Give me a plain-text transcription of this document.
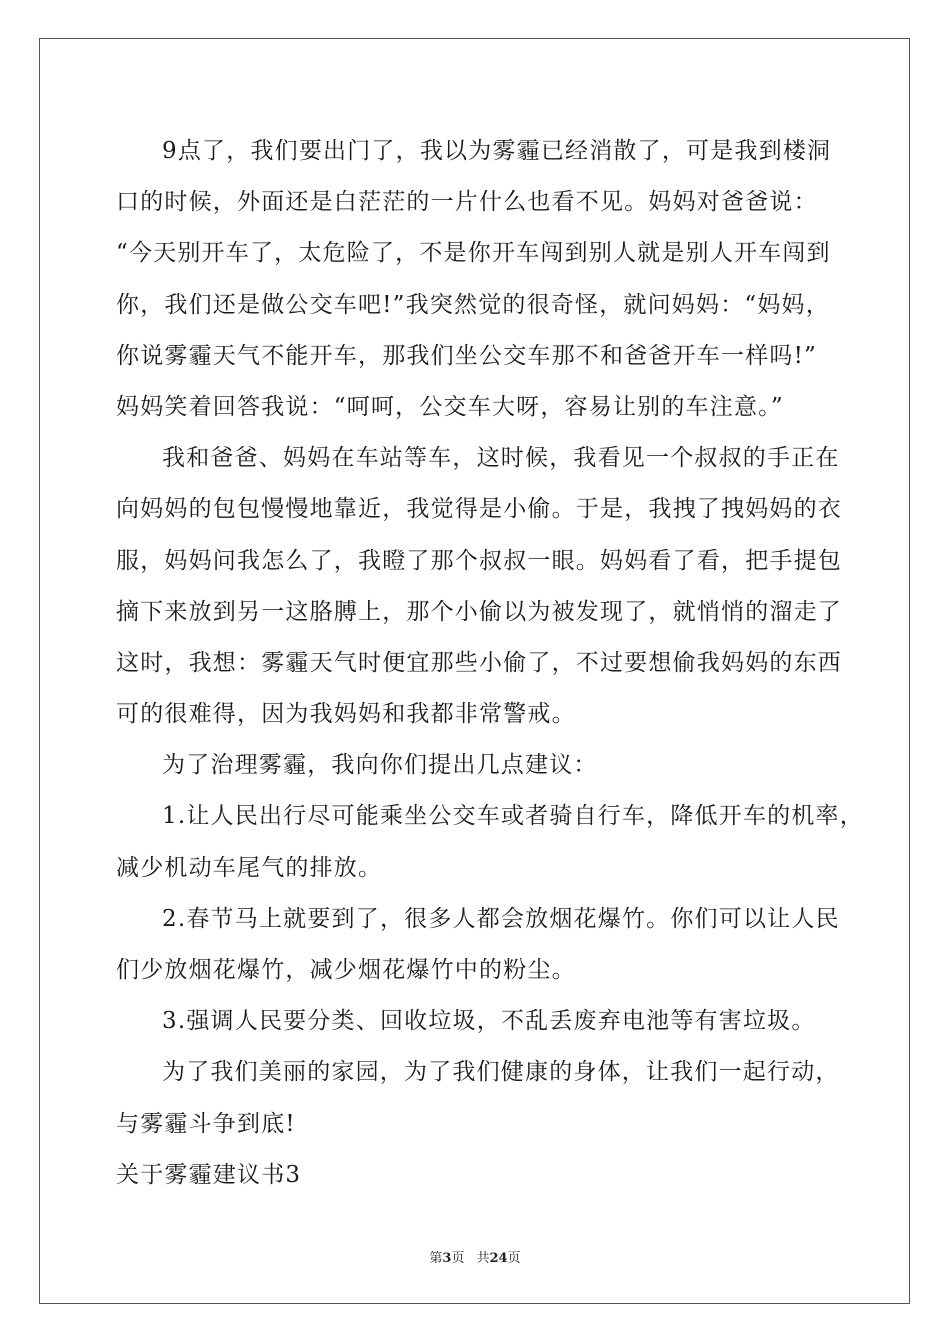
9点了，我们要出门了，我以为雾霾已经消散了，可是我到楼洞
口的时候，外面还是白茫茫的一片什么也看不见。妈妈对爸爸说：
“今天别开车了，太危险了，不是你开车闯到别人就是别人开车闯到
你，我们还是做公交车吧!”我突然觉的很奇怪，就问妈妈：“妈妈，
你说雾霾天气不能开车，那我们坐公交车那不和爸爸开车一样吗!”
妈妈笑着回答我说：“呵呵，公交车大呀，容易让别的车注意。”
我和爸爸、妈妈在车站等车，这时候，我看见一个叔叔的手正在
向妈妈的包包慢慢地靠近，我觉得是小偷。于是，我拽了拽妈妈的衣
服，妈妈问我怎么了，我瞪了那个叔叔一眼。妈妈看了看，把手提包
摘下来放到另一这胳膊上，那个小偷以为被发现了，就悄悄的溜走了
这时，我想：雾霾天气时便宜那些小偷了，不过要想偷我妈妈的东西
可的很难得，因为我妈妈和我都非常警戒。
为了治理雾霾，我向你们提出几点建议：
1.让人民出行尽可能乘坐公交车或者骑自行车，降低开车的机率，
减少机动车尾气的排放。
2.春节马上就要到了，很多人都会放烟花爆竹。你们可以让人民
们少放烟花爆竹，减少烟花爆竹中的粉尘。
3.强调人民要分类、回收垃圾，不乱丢废弃电池等有害垃圾。
为了我们美丽的家园，为了我们健康的身体，让我们一起行动，
与雾霾斗争到底!
关于雾霾建议书3
第3页 共24页
